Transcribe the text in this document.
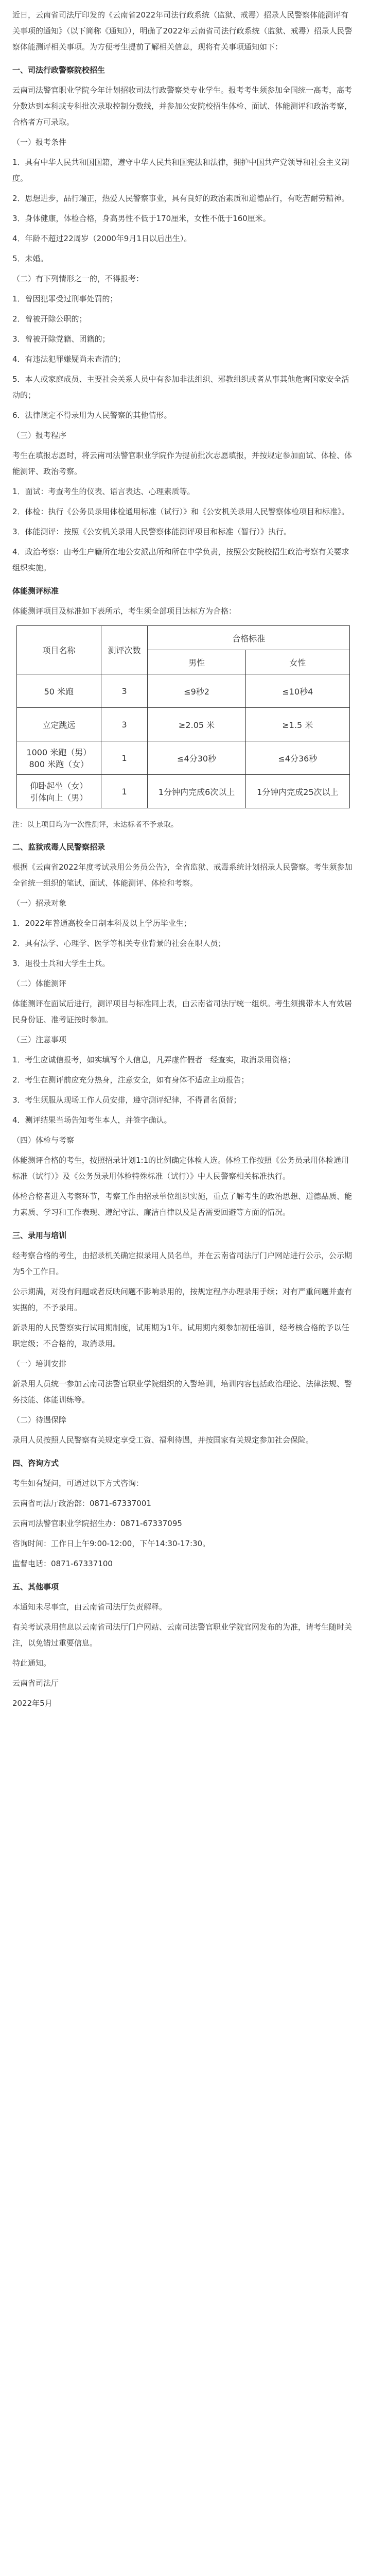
近日，云南省司法厅印发的《云南省2022年司法行政系统（监狱、戒毒）招录人民警察体能测评有关事项的通知》（以下简称《通知》），明确了2022年云南省司法行政系统（监狱、戒毒）招录人民警察体能测评相关事项。为方便考生提前了解相关信息，现将有关事项通知如下：

一、司法行政警察院校招生

云南司法警官职业学院今年计划招收司法行政警察类专业学生。报考考生须参加全国统一高考，高考分数达到本科或专科批次录取控制分数线，并参加公安院校招生体检、面试、体能测评和政治考察，合格者方可录取。

（一）报考条件

1．具有中华人民共和国国籍，遵守中华人民共和国宪法和法律，拥护中国共产党领导和社会主义制度。

2．思想进步，品行端正，热爱人民警察事业，具有良好的政治素质和道德品行，有吃苦耐劳精神。

3．身体健康，体检合格，身高男性不低于170厘米，女性不低于160厘米。

4．年龄不超过22周岁（2000年9月1日以后出生）。

5．未婚。

（二）有下列情形之一的，不得报考：

1．曾因犯罪受过刑事处罚的；

2．曾被开除公职的；

3．曾被开除党籍、团籍的；

4．有违法犯罪嫌疑尚未查清的；

5．本人或家庭成员、主要社会关系人员中有参加非法组织、邪教组织或者从事其他危害国家安全活动的；

6．法律规定不得录用为人民警察的其他情形。

（三）报考程序

考生在填报志愿时，将云南司法警官职业学院作为提前批次志愿填报，并按规定参加面试、体检、体能测评、政治考察。

1．面试：考查考生的仪表、语言表达、心理素质等。

2．体检：执行《公务员录用体检通用标准（试行）》和《公安机关录用人民警察体检项目和标准》。

3．体能测评：按照《公安机关录用人民警察体能测评项目和标准（暂行）》执行。

4．政治考察：由考生户籍所在地公安派出所和所在中学负责，按照公安院校招生政治考察有关要求组织实施。

体能测评标准

体能测评项目及标准如下表所示，考生须全部项目达标方为合格：

项目名称	测评次数	合格标准	
		男性	女性
50 米跑	3	≤9秒2	≤10秒4
立定跳远	3	≥2.05 米	≥1.5 米
1000 米跑（男）
800 米跑（女）	1	≤4分30秒	≤4分36秒
仰卧起坐（女）
引体向上（男）	1	1分钟内完成6次以上	1分钟内完成25次以上

注：以上项目均为一次性测评，未达标者不予录取。

二、监狱戒毒人民警察招录

根据《云南省2022年度考试录用公务员公告》，全省监狱、戒毒系统计划招录人民警察。考生须参加全省统一组织的笔试、面试、体能测评、体检和考察。

（一）招录对象

1．2022年普通高校全日制本科及以上学历毕业生；

2．具有法学、心理学、医学等相关专业背景的社会在职人员；

3．退役士兵和大学生士兵。

（二）体能测评

体能测评在面试后进行，测评项目与标准同上表，由云南省司法厅统一组织。考生须携带本人有效居民身份证、准考证按时参加。

（三）注意事项

1．考生应诚信报考，如实填写个人信息，凡弄虚作假者一经查实，取消录用资格；

2．考生在测评前应充分热身，注意安全，如有身体不适应主动报告；

3．考生须服从现场工作人员安排，遵守测评纪律，不得冒名顶替；

4．测评结果当场告知考生本人，并签字确认。

（四）体检与考察

体能测评合格的考生，按照招录计划1:1的比例确定体检人选。体检工作按照《公务员录用体检通用标准（试行）》及《公务员录用体检特殊标准（试行）》中人民警察相关标准执行。

体检合格者进入考察环节，考察工作由招录单位组织实施，重点了解考生的政治思想、道德品质、能力素质、学习和工作表现、遵纪守法、廉洁自律以及是否需要回避等方面的情况。

三、录用与培训

经考察合格的考生，由招录机关确定拟录用人员名单，并在云南省司法厅门户网站进行公示，公示期为5个工作日。

公示期满，对没有问题或者反映问题不影响录用的，按规定程序办理录用手续；对有严重问题并查有实据的，不予录用。

新录用的人民警察实行试用期制度，试用期为1年。试用期内须参加初任培训，经考核合格的予以任职定级；不合格的，取消录用。

（一）培训安排

新录用人员统一参加云南司法警官职业学院组织的入警培训，培训内容包括政治理论、法律法规、警务技能、体能训练等。

（二）待遇保障

录用人员按照人民警察有关规定享受工资、福利待遇，并按国家有关规定参加社会保险。

四、咨询方式

考生如有疑问，可通过以下方式咨询：

云南省司法厅政治部：0871-67337001

云南司法警官职业学院招生办：0871-67337095

咨询时间：工作日上午9:00-12:00，下午14:30-17:30。

监督电话：0871-67337100

五、其他事项

本通知未尽事宜，由云南省司法厅负责解释。

有关考试录用信息以云南省司法厅门户网站、云南司法警官职业学院官网发布的为准，请考生随时关注，以免错过重要信息。

特此通知。

云南省司法厅

2022年5月
